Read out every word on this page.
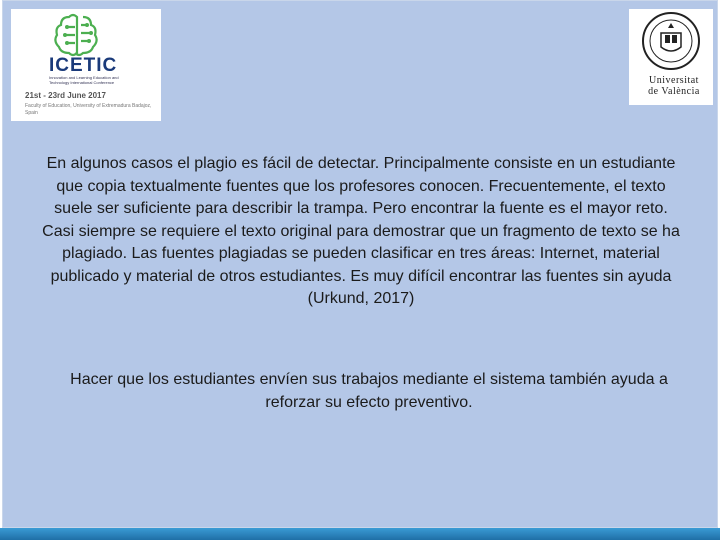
ICETIC
Innovation and Learning Education and Technology International Conference
21st - 23rd June 2017
Faculty of Education, University of Extremadura Badajoz, Spain
Universitat
de València
En algunos casos el plagio es fácil de detectar. Principalmente consiste en un estudiante que copia textualmente fuentes que los profesores conocen. Frecuentemente, el texto suele ser suficiente para describir la trampa. Pero encontrar la fuente es el mayor reto. Casi siempre se requiere el texto original para demostrar que un fragmento de texto se ha plagiado. Las fuentes plagiadas se pueden clasificar en tres áreas: Internet, material publicado y material de otros estudiantes. Es muy difícil encontrar las fuentes sin ayuda (Urkund, 2017)
Hacer que los estudiantes envíen sus trabajos mediante el sistema también ayuda a reforzar su efecto preventivo.
